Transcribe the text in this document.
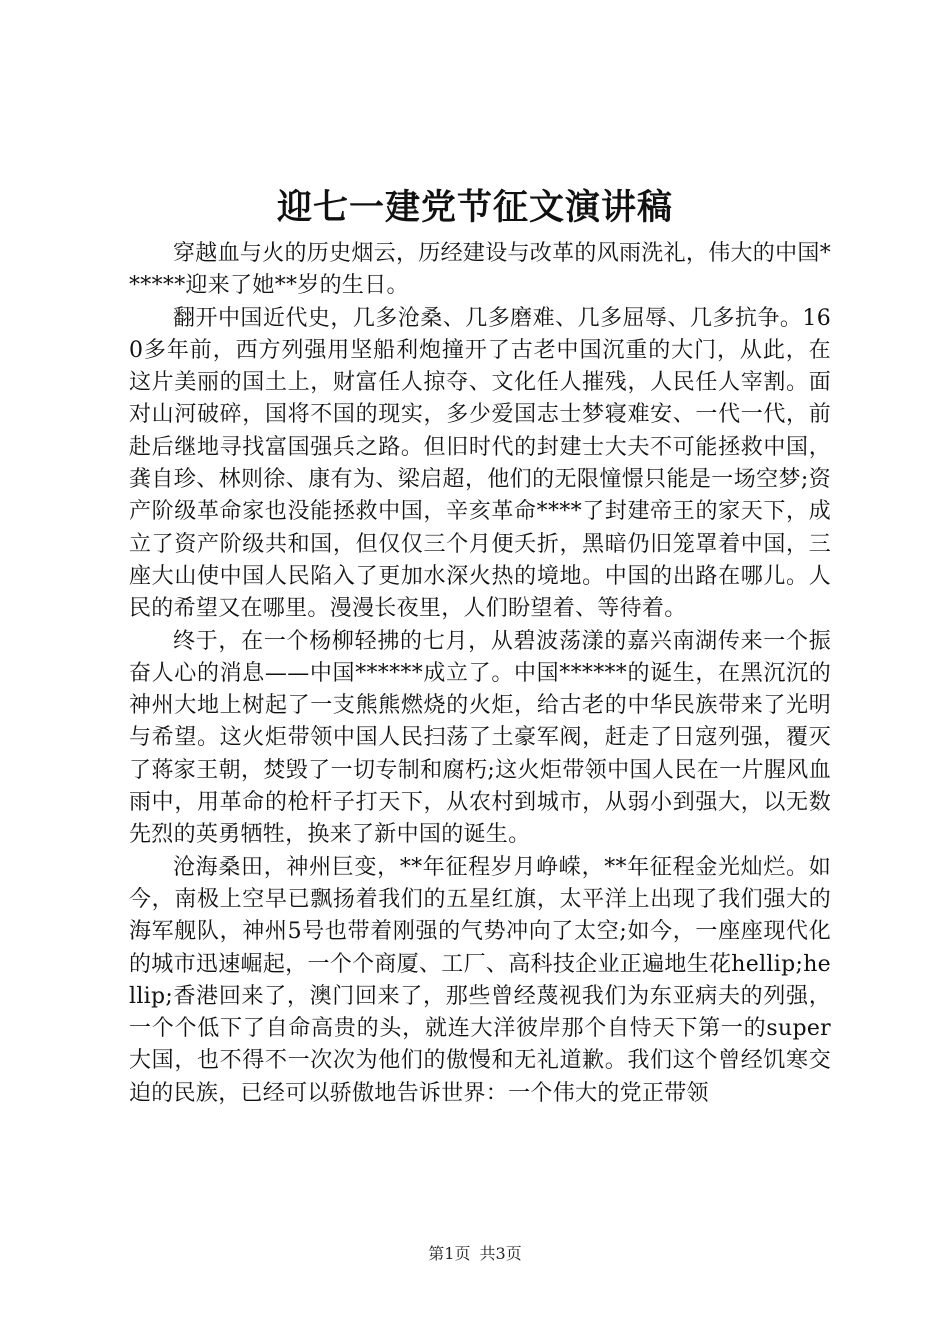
迎七一建党节征文演讲稿

穿越血与火的历史烟云，历经建设与改革的风雨洗礼，伟大的中国******迎来了她**岁的生日。

翻开中国近代史，几多沧桑、几多磨难、几多屈辱、几多抗争。160多年前，西方列强用坚船利炮撞开了古老中国沉重的大门，从此，在这片美丽的国土上，财富任人掠夺、文化任人摧残，人民任人宰割。面对山河破碎，国将不国的现实，多少爱国志士梦寝难安、一代一代，前赴后继地寻找富国强兵之路。但旧时代的封建士大夫不可能拯救中国，龚自珍、林则徐、康有为、梁启超，他们的无限憧憬只能是一场空梦;资产阶级革命家也没能拯救中国，辛亥革命****了封建帝王的家天下，成立了资产阶级共和国，但仅仅三个月便夭折，黑暗仍旧笼罩着中国，三座大山使中国人民陷入了更加水深火热的境地。中国的出路在哪儿。人民的希望又在哪里。漫漫长夜里，人们盼望着、等待着。

终于，在一个杨柳轻拂的七月，从碧波荡漾的嘉兴南湖传来一个振奋人心的消息——中国******成立了。中国******的诞生，在黑沉沉的神州大地上树起了一支熊熊燃烧的火炬，给古老的中华民族带来了光明与希望。这火炬带领中国人民扫荡了土豪军阀，赶走了日寇列强，覆灭了蒋家王朝，焚毁了一切专制和腐朽;这火炬带领中国人民在一片腥风血雨中，用革命的枪杆子打天下，从农村到城市，从弱小到强大，以无数先烈的英勇牺牲，换来了新中国的诞生。

沧海桑田，神州巨变，**年征程岁月峥嵘，**年征程金光灿烂。如今，南极上空早已飘扬着我们的五星红旗，太平洋上出现了我们强大的海军舰队，神州5号也带着刚强的气势冲向了太空;如今，一座座现代化的城市迅速崛起，一个个商厦、工厂、高科技企业正遍地生花hellip;hellip;香港回来了，澳门回来了，那些曾经蔑视我们为东亚病夫的列强，一个个低下了自命高贵的头，就连大洋彼岸那个自恃天下第一的super大国，也不得不一次次为他们的傲慢和无礼道歉。我们这个曾经饥寒交迫的民族，已经可以骄傲地告诉世界：一个伟大的党正带领

第1页 共3页
